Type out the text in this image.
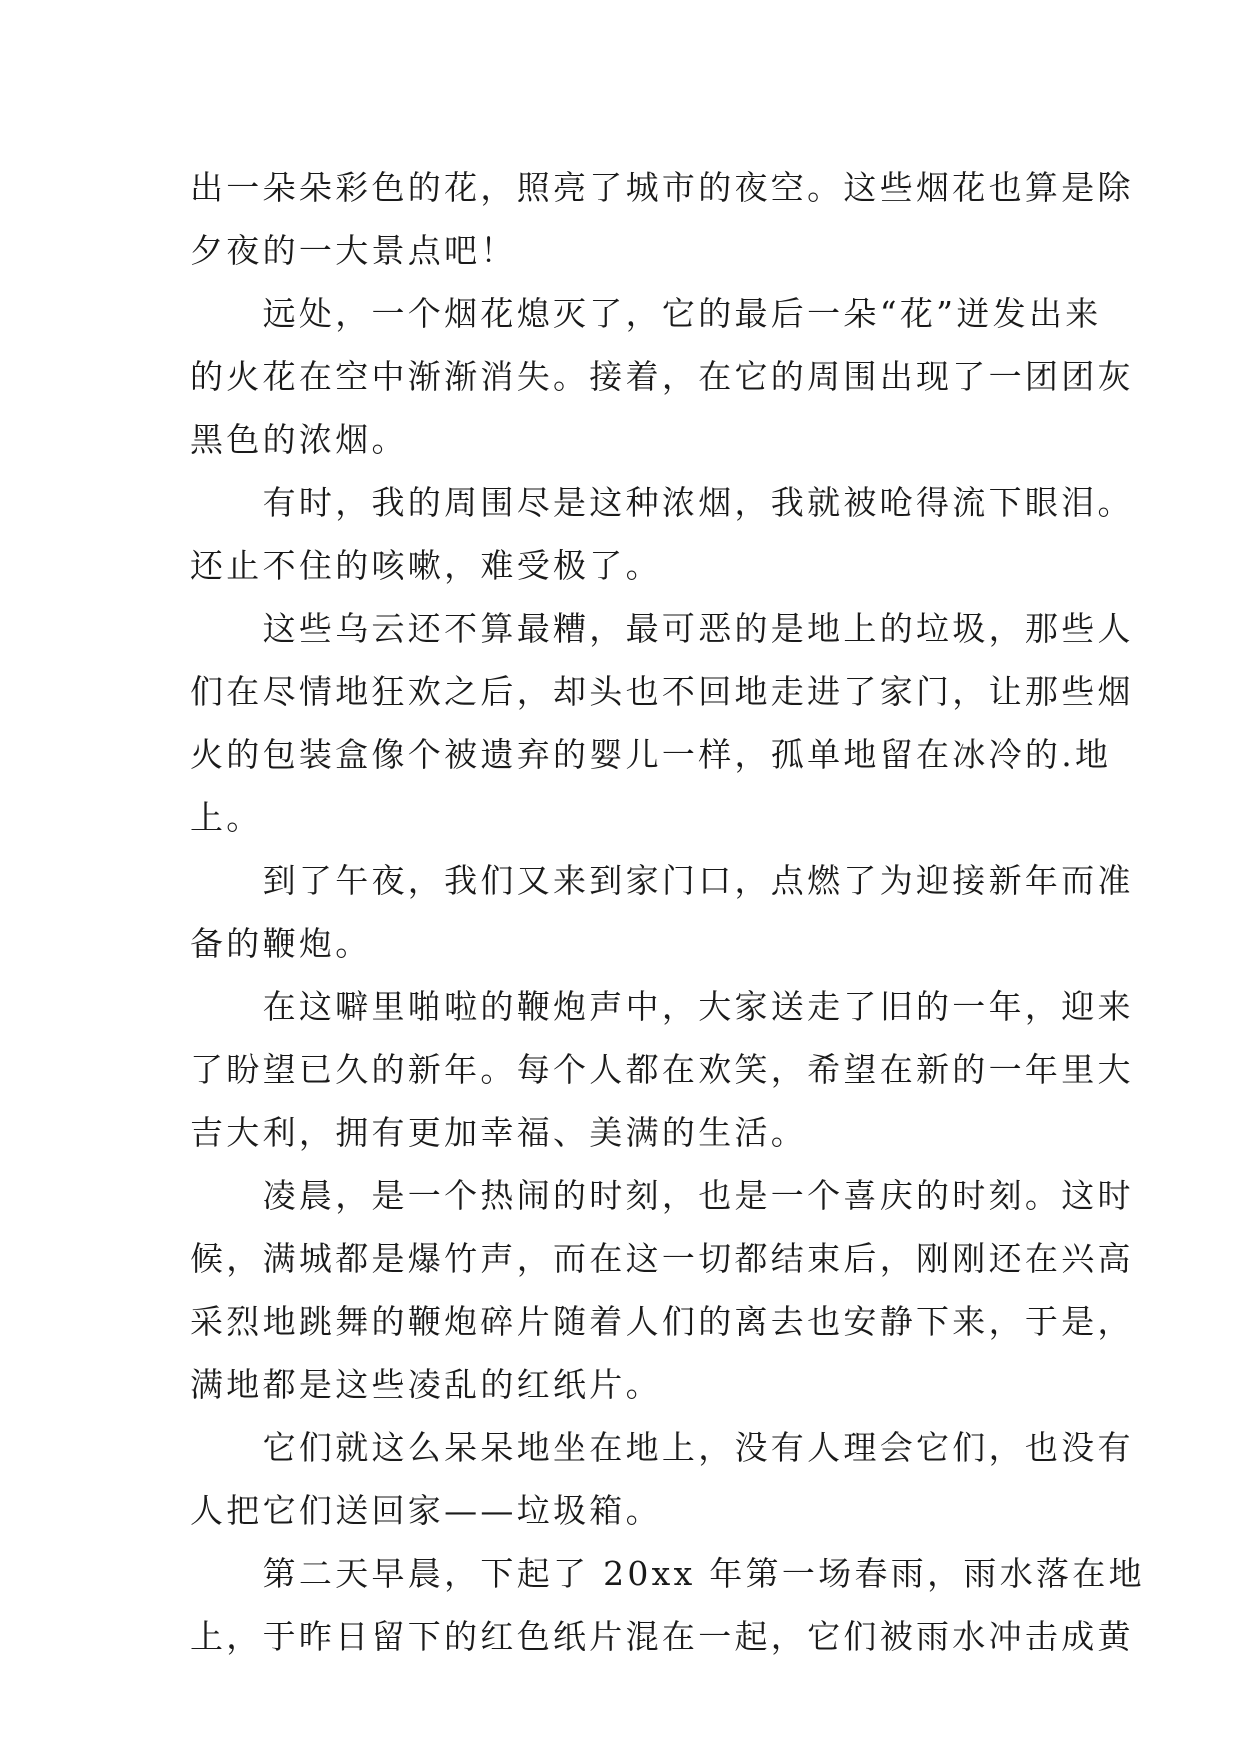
出一朵朵彩色的花，照亮了城市的夜空。这些烟花也算是除
夕夜的一大景点吧！
　　远处，一个烟花熄灭了，它的最后一朵“花”迸发出来
的火花在空中渐渐消失。接着，在它的周围出现了一团团灰
黑色的浓烟。
　　有时，我的周围尽是这种浓烟，我就被呛得流下眼泪。
还止不住的咳嗽，难受极了。
　　这些乌云还不算最糟，最可恶的是地上的垃圾，那些人
们在尽情地狂欢之后，却头也不回地走进了家门，让那些烟
火的包装盒像个被遗弃的婴儿一样，孤单地留在冰冷的.地
上。
　　到了午夜，我们又来到家门口，点燃了为迎接新年而准
备的鞭炮。
　　在这噼里啪啦的鞭炮声中，大家送走了旧的一年，迎来
了盼望已久的新年。每个人都在欢笑，希望在新的一年里大
吉大利，拥有更加幸福、美满的生活。
　　凌晨，是一个热闹的时刻，也是一个喜庆的时刻。这时
候，满城都是爆竹声，而在这一切都结束后，刚刚还在兴高
采烈地跳舞的鞭炮碎片随着人们的离去也安静下来，于是，
满地都是这些凌乱的红纸片。
　　它们就这么呆呆地坐在地上，没有人理会它们，也没有
人把它们送回家——垃圾箱。
　　第二天早晨，下起了 20xx 年第一场春雨，雨水落在地
上，于昨日留下的红色纸片混在一起，它们被雨水冲击成黄
